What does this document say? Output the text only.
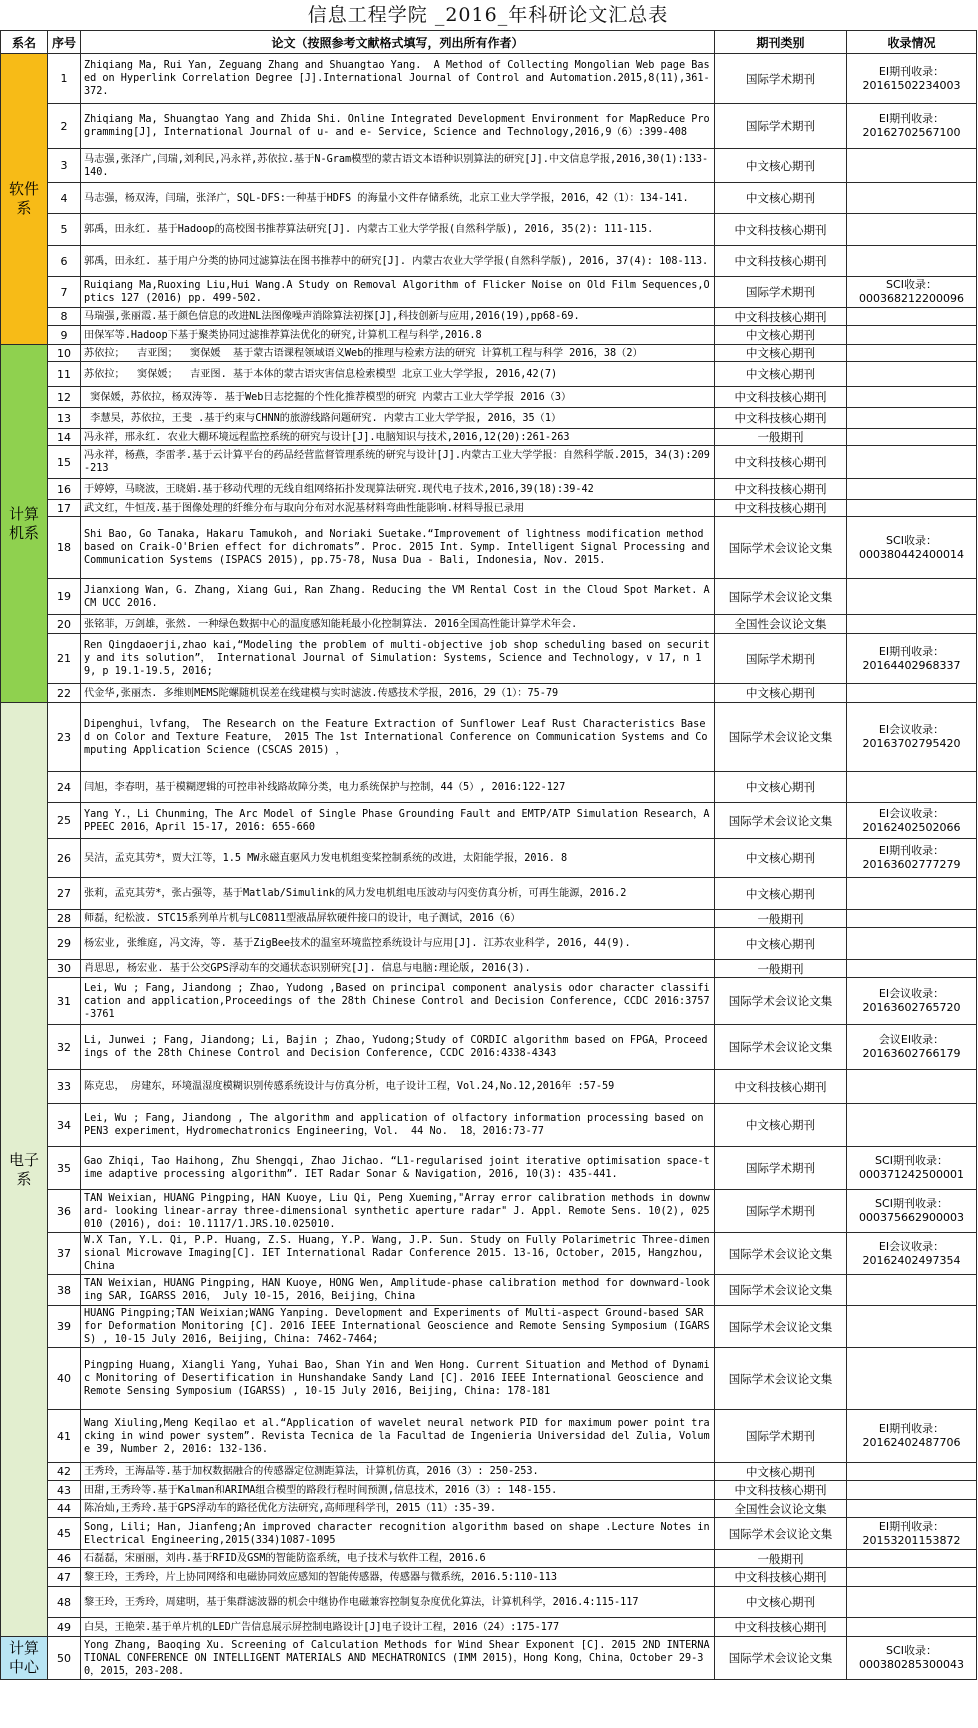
信息工程学院 _2016_年科研论文汇总表
系名	序号	论文（按照参考文献格式填写，列出所有作者）	期刊类别	收录情况
软件系	1	Zhiqiang Ma, Rui Yan, Zeguang Zhang and Shuangtao Yang.  A Method of Collecting Mongolian Web page Based on Hyperlink Correlation Degree [J].International Journal of Control and Automation.2015,8(11),361-372.	国际学术期刊	EI期刊收录：
20161502234003
	2	Zhiqiang Ma, Shuangtao Yang and Zhida Shi. Online Integrated Development Environment for MapReduce Programming[J], International Journal of u- and e- Service, Science and Technology,2016,9（6）:399-408	国际学术期刊	EI期刊收录：
20162702567100
	3	马志强,张泽广,闫瑞,刘利民,冯永祥,苏依拉.基于N-Gram模型的蒙古语文本语种识别算法的研究[J].中文信息学报,2016,30(1):133-140.	中文核心期刊	
	4	马志强，杨双涛，闫瑞，张泽广，SQL-DFS:一种基于HDFS 的海量小文件存储系统，北京工业大学学报，2016，42（1）：134-141.	中文核心期刊	
	5	郭禹，田永红. 基于Hadoop的高校图书推荐算法研究[J]. 内蒙古工业大学学报(自然科学版), 2016, 35(2): 111-115.	中文科技核心期刊	
	6	郭禹，田永红. 基于用户分类的协同过滤算法在图书推荐中的研究[J]. 内蒙古农业大学学报(自然科学版), 2016, 37(4): 108-113.	中文科技核心期刊	
	7	Ruiqiang Ma,Ruoxing Liu,Hui Wang.A Study on Removal Algorithm of Flicker Noise on Old Film Sequences,Optics 127 (2016) pp. 499-502.	国际学术期刊	SCI收录：
000368212200096
	8	马瑞强,张丽霞.基于颜色信息的改进NL法图像噪声消除算法初探[J],科技创新与应用,2016(19),pp68-69.	中文科技核心期刊	
	9	田保军等.Hadoop下基于聚类协同过滤推荐算法优化的研究,计算机工程与科学,2016.8	中文核心期刊	
计算
机系	10	苏依拉；  吉亚图；  窦保媛  基于蒙古语课程领域语义Web的推理与检索方法的研究 计算机工程与科学 2016，38（2）	中文核心期刊	
	11	苏依拉；  窦保媛；  吉亚图. 基于本体的蒙古语灾害信息检索模型 北京工业大学学报, 2016,42(7)	中文核心期刊	
	12	窦保媛，苏依拉，杨双涛等. 基于Web日志挖掘的个性化推荐模型的研究 内蒙古工业大学学报 2016（3）	中文科技核心期刊	
	13	李慧昊，苏依拉，王斐 .基于约束与CHNN的旅游线路问题研究. 内蒙古工业大学学报, 2016，35（1）	中文科技核心期刊	
	14	冯永祥，邢永红. 农业大棚环境远程监控系统的研究与设计[J].电脑知识与技术,2016,12(20):261-263	一般期刊	
	15	冯永祥，杨燕，李雷孝.基于云计算平台的药品经营监督管理系统的研究与设计[J].内蒙古工业大学学报：自然科学版.2015，34(3):209-213	中文科技核心期刊	
	16	于婷婷，马晓波，王晓娟.基于移动代理的无线自组网络拓扑发现算法研究.现代电子技术,2016,39(18):39-42	中文科技核心期刊	
	17	武文红，牛恒茂.基于图像处理的纤维分布与取向分布对水泥基材料弯曲性能影响.材料导报已录用	中文科技核心期刊	
	18	Shi Bao, Go Tanaka, Hakaru Tamukoh, and Noriaki Suetake.“Improvement of lightness modification method based on Craik-O'Brien effect for dichromats”. Proc. 2015 Int. Symp. Intelligent Signal Processing and Communication Systems (ISPACS 2015), pp.75-78, Nusa Dua - Bali, Indonesia, Nov. 2015.	国际学术会议论文集	SCI收录：
000380442400014
	19	Jianxiong Wan, G. Zhang, Xiang Gui, Ran Zhang. Reducing the VM Rental Cost in the Cloud Spot Market. ACM UCC 2016.	国际学术会议论文集	
	20	张铭菲，万剑雄，张然. 一种绿色数据中心的温度感知能耗最小化控制算法. 2016全国高性能计算学术年会.	全国性会议论文集	
	21	Ren Qingdaoerji,zhao kai,“Modeling the problem of multi-objective job shop scheduling based on security and its solution”， International Journal of Simulation: Systems, Science and Technology, v 17, n 19, p 19.1-19.5, 2016;	国际学术期刊	EI期刊收录：
20164402968337
	22	代金华,张丽杰. 多维则MEMS陀螺随机误差在线建模与实时滤波.传感技术学报，2016，29（1）：75-79	中文核心期刊	
电子
系	23	Dipenghui，lvfang， The Research on the Feature Extraction of Sunflower Leaf Rust Characteristics Based on Color and Texture Feature， 2015 The 1st International Conference on Communication Systems and Computing Application Science (CSCAS 2015) ，	国际学术会议论文集	EI会议收录：
20163702795420
	24	闫旭，李春明，基于模糊逻辑的可控串补线路故障分类，电力系统保护与控制，44（5）, 2016:122-127	中文核心期刊	
	25	Yang Y.，Li Chunming，The Arc Model of Single Phase Grounding Fault and EMTP/ATP Simulation Research，APPEEC 2016，April 15-17, 2016: 655-660	国际学术会议论文集	EI会议收录：
20162402502066
	26	吴洁，孟克其劳*，贾大江等，1.5 MW永磁直驱风力发电机组变桨控制系统的改进，太阳能学报，2016. 8	中文核心期刊	EI期刊收录：
20163602777279
	27	张莉，孟克其劳*，张占强等，基于Matlab/Simulink的风力发电机组电压波动与闪变仿真分析，可再生能源，2016.2	中文核心期刊	
	28	师磊，纪松波. STC15系列单片机与LC0811型液晶屏软硬件接口的设计，电子测试，2016（6）	一般期刊	
	29	杨宏业, 张维庭, 冯文涛，等. 基于ZigBee技术的温室环境监控系统设计与应用[J]. 江苏农业科学, 2016, 44(9).	中文核心期刊	
	30	肖思思, 杨宏业. 基于公交GPS浮动车的交通状态识别研究[J]. 信息与电脑:理论版, 2016(3).	一般期刊	
	31	Lei, Wu ; Fang, Jiandong ; Zhao, Yudong ,Based on principal component analysis odor character classification and application,Proceedings of the 28th Chinese Control and Decision Conference, CCDC 2016:3757-3761	国际学术会议论文集	EI会议收录：
20163602765720
	32	Li, Junwei ; Fang, Jiandong; Li, Bajin ; Zhao, Yudong;Study of CORDIC algorithm based on FPGA，Proceedings of the 28th Chinese Control and Decision Conference, CCDC 2016:4338-4343	国际学术会议论文集	会议EI收录：
20163602766179
	33	陈克忠， 房建东，环境温湿度模糊识别传感系统设计与仿真分析，电子设计工程，Vol.24,No.12,2016年 :57-59	中文科技核心期刊	
	34	Lei, Wu ; Fang, Jiandong , The algorithm and application of olfactory information processing based on PEN3 experiment，Hydromechatronics Engineering，Vol.  44 No.  18，2016:73-77	中文核心期刊	
	35	Gao Zhiqi, Tao Haihong, Zhu Shengqi, Zhao Jichao. “L1-regularised joint iterative optimisation space-time adaptive processing algorithm”. IET Radar Sonar & Navigation, 2016, 10(3): 435-441.	国际学术期刊	SCI期刊收录：
000371242500001
	36	TAN Weixian, HUANG Pingping, HAN Kuoye, Liu Qi, Peng Xueming,"Array error calibration methods in downward- looking linear-array three-dimensional synthetic aperture radar" J. Appl. Remote Sens. 10(2), 025010 (2016), doi: 10.1117/1.JRS.10.025010.	国际学术期刊	SCI期刊收录：
000375662900003
	37	W.X Tan, Y.L. Qi, P.P. Huang, Z.S. Huang, Y.P. Wang, J.P. Sun. Study on Fully Polarimetric Three-dimensional Microwave Imaging[C]. IET International Radar Conference 2015. 13-16, October, 2015, Hangzhou, China	国际学术会议论文集	EI会议收录：
20162402497354
	38	TAN Weixian, HUANG Pingping, HAN Kuoye, HONG Wen, Amplitude-phase calibration method for downward-looking SAR, IGARSS 2016， July 10-15, 2016，Beijing，China	国际学术会议论文集	
	39	HUANG Pingping;TAN Weixian;WANG Yanping. Development and Experiments of Multi-aspect Ground-based SAR for Deformation Monitoring [C]. 2016 IEEE International Geoscience and Remote Sensing Symposium (IGARSS) , 10-15 July 2016, Beijing, China: 7462-7464;	国际学术会议论文集	
	40	Pingping Huang, Xiangli Yang, Yuhai Bao, Shan Yin and Wen Hong. Current Situation and Method of Dynamic Monitoring of Desertification in Hunshandake Sandy Land [C]. 2016 IEEE International Geoscience and Remote Sensing Symposium (IGARSS) , 10-15 July 2016, Beijing, China: 178-181	国际学术会议论文集	
	41	Wang Xiuling,Meng Keqilao et al.“Application of wavelet neural network PID for maximum power point tracking in wind power system”. Revista Tecnica de la Facultad de Ingenieria Universidad del Zulia, Volume 39, Number 2, 2016: 132-136.	国际学术期刊	EI期刊收录：
20162402487706
	42	王秀玲，王海晶等.基于加权数据融合的传感器定位测距算法，计算机仿真，2016（3）: 250-253.	中文核心期刊	
	43	田甜,王秀玲等.基于Kalman和ARIMA组合模型的路段行程时间预测,信息技术，2016（3）: 148-155.	中文科技核心期刊	
	44	陈冶灿,王秀玲.基于GPS浮动车的路径优化方法研究,高师理科学刊，2015（11）:35-39.	全国性会议论文集	
	45	Song, Lili; Han, Jianfeng;An improved character recognition algorithm based on shape .Lecture Notes in Electrical Engineering,2015(334)1087-1095	国际学术会议论文集	EI期刊收录：
20153201153872
	46	石磊磊，宋丽丽，刘冉.基于RFID及GSM的智能防盗系统，电子技术与软件工程，2016.6	一般期刊	
	47	黎王玲，王秀玲，片上协同网络和电磁协同效应感知的智能传感器，传感器与微系统，2016.5:110-113	中文科技核心期刊	
	48	黎王玲，王秀玲，周建明，基于集群滤波器的机会中继协作电磁兼容控制复杂度优化算法，计算机科学，2016.4:115-117	中文核心期刊	
	49	白昊，王艳荣.基于单片机的LED广告信息展示屏控制电路设计[J]电子设计工程，2016（24）:175-177	中文科技核心期刊	
计算
中心	50	Yong Zhang, Baoqing Xu. Screening of Calculation Methods for Wind Shear Exponent [C]. 2015 2ND INTERNATIONAL CONFERENCE ON INTELLIGENT MATERIALS AND MECHATRONICS (IMM 2015)，Hong Kong，China，October 29-30，2015，203-208.	国际学术会议论文集	SCI收录：
000380285300043
